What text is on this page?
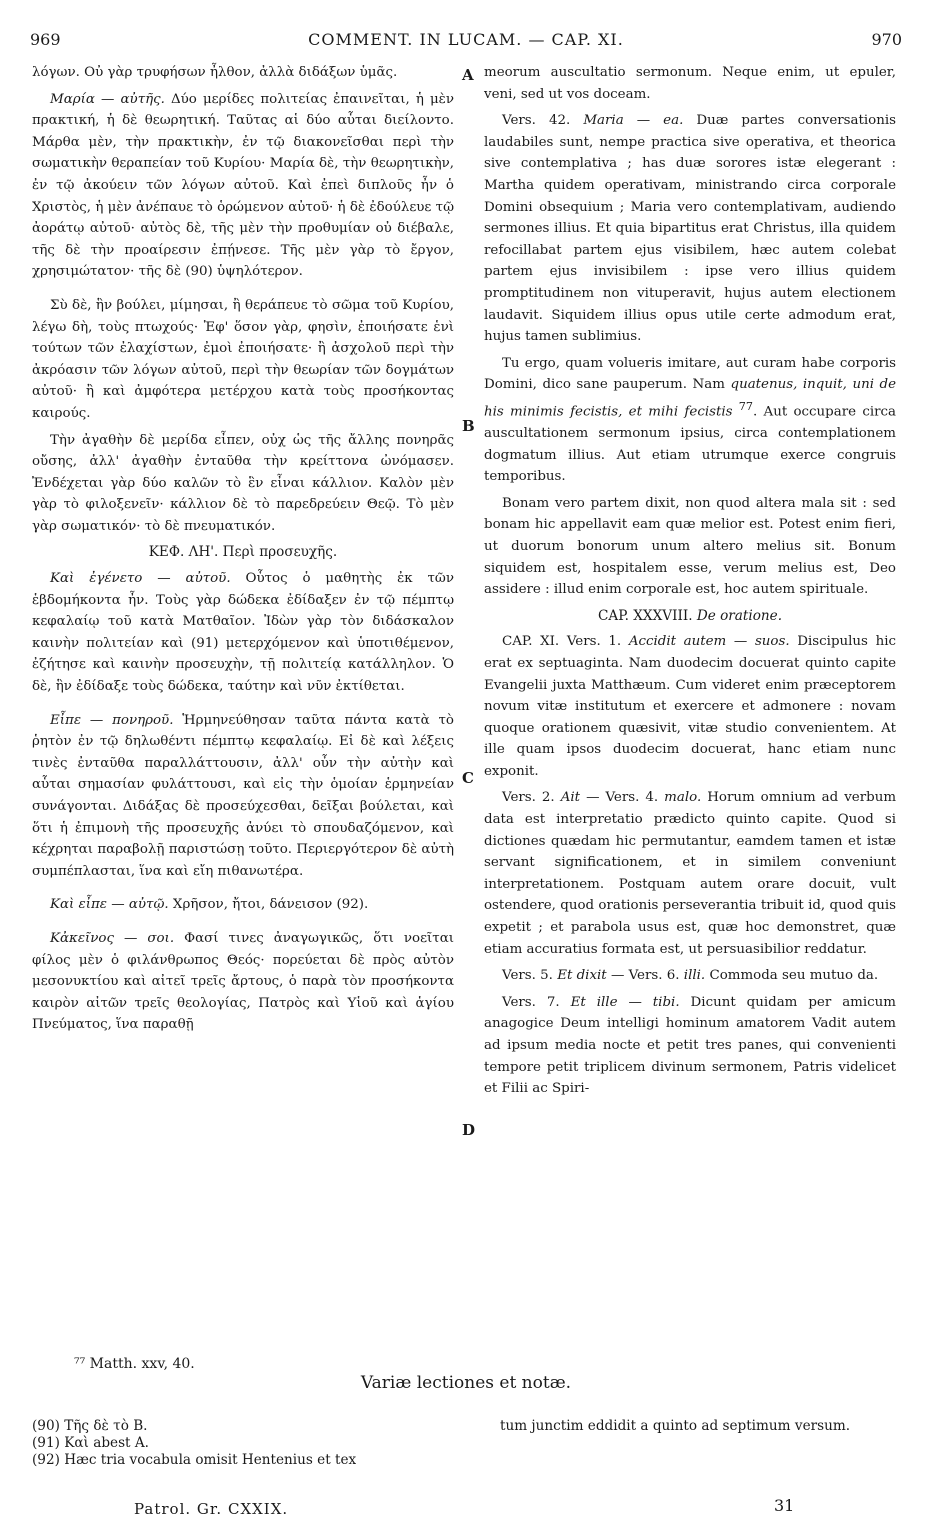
969	COMMENT. IN LUCAM. — CAP. XI.	970

λόγων. Οὐ γὰρ τρυφήσων ἦλθον, ἀλλὰ διδάξων ὑμᾶς.

Μαρία — αὐτῆς. Δύο μερίδες πολιτείας ἐπαινεῖται, ἡ μὲν πρακτική, ἡ δὲ θεωρητική. Ταῦτας αἱ δύο αὗται διείλοντο. Μάρθα μὲν, τὴν πρακτικὴν, ἐν τῷ διακονεῖσθαι περὶ τὴν σωματικὴν θεραπείαν τοῦ Κυρίου· Μαρία δὲ, τὴν θεωρητικὴν, ἐν τῷ ἀκούειν τῶν λόγων αὐτοῦ. Καὶ ἐπεὶ διπλοῦς ἦν ὁ Χριστὸς, ἡ μὲν ἀνέπαυε τὸ ὁρώμενον αὐτοῦ· ἡ δὲ ἐδούλευε τῷ ἀοράτῳ αὐτοῦ· αὐτὸς δὲ, τῆς μὲν τὴν προθυμίαν οὐ διέβαλε, τῆς δὲ τὴν προαίρεσιν ἐπῄνεσε. Τῆς μὲν γὰρ τὸ ἔργον, χρησιμώτατον· τῆς δὲ (90) ὑψηλότερον.

Σὺ δὲ, ἣν βούλει, μίμησαι, ἢ θεράπευε τὸ σῶμα τοῦ Κυρίου, λέγω δὴ, τοὺς πτωχούς· Ἐφ' ὅσον γὰρ, φησὶν, ἐποιήσατε ἑνὶ τούτων τῶν ἐλαχίστων, ἐμοὶ ἐποιήσατε· ἢ ἀσχολοῦ περὶ τὴν ἀκρόασιν τῶν λόγων αὐτοῦ, περὶ τὴν θεωρίαν τῶν δογμάτων αὐτοῦ· ἢ καὶ ἀμφότερα μετέρχου κατὰ τοὺς προσήκοντας καιρούς.

Τὴν ἀγαθὴν δὲ μερίδα εἶπεν, οὐχ ὡς τῆς ἄλλης πονηρᾶς οὔσης, ἀλλ' ἀγαθὴν ἐνταῦθα τὴν κρείττονα ὠνόμασεν. Ἐνδέχεται γὰρ δύο καλῶν τὸ ἓν εἶναι κάλλιον. Καλὸν μὲν γὰρ τὸ φιλοξενεῖν· κάλλιον δὲ τὸ παρεδρεύειν Θεῷ. Τὸ μὲν γὰρ σωματικόν· τὸ δὲ πνευματικόν.

ΚΕΦ. ΛΗ'. Περὶ προσευχῆς.

Καὶ ἐγένετο — αὐτοῦ. Οὗτος ὁ μαθητὴς ἐκ τῶν ἑβδομήκοντα ἦν. Τοὺς γὰρ δώδεκα ἐδίδαξεν ἐν τῷ πέμπτῳ κεφαλαίῳ τοῦ κατὰ Ματθαῖον. Ἰδὼν γὰρ τὸν διδάσκαλον καινὴν πολιτείαν καὶ (91) μετερχόμενον καὶ ὑποτιθέμενον, ἐζήτησε καὶ καινὴν προσευχὴν, τῇ πολιτείᾳ κατάλληλον. Ὁ δὲ, ἣν ἐδίδαξε τοὺς δώδεκα, ταύτην καὶ νῦν ἐκτίθεται.

Εἶπε — πονηροῦ. Ἡρμηνεύθησαν ταῦτα πάντα κατὰ τὸ ῥητὸν ἐν τῷ δηλωθέντι πέμπτῳ κεφαλαίῳ. Εἰ δὲ καὶ λέξεις τινὲς ἐνταῦθα παραλλάττουσιν, ἀλλ' οὖν τὴν αὐτὴν καὶ αὗται σημασίαν φυλάττουσι, καὶ εἰς τὴν ὁμοίαν ἑρμηνείαν συνάγονται. Διδάξας δὲ προσεύχεσθαι, δεῖξαι βούλεται, καὶ ὅτι ἡ ἐπιμονὴ τῆς προσευχῆς ἀνύει τὸ σπουδαζόμενον, καὶ κέχρηται παραβολῇ παριστώσῃ τοῦτο. Περιεργότερον δὲ αὐτὴ συμπέπλασται, ἵνα καὶ εἴη πιθανωτέρα.

Καὶ εἶπε — αὐτῷ. Χρῆσον, ἤτοι, δάνεισον (92).

Κἀκεῖνος — σοι. Φασί τινες ἀναγωγικῶς, ὅτι νοεῖται φίλος μὲν ὁ φιλάνθρωπος Θεός· πορεύεται δὲ πρὸς αὐτὸν μεσονυκτίου καὶ αἰτεῖ τρεῖς ἄρτους, ὁ παρὰ τὸν προσήκοντα καιρὸν αἰτῶν τρεῖς θεολογίας, Πατρὸς καὶ Υἱοῦ καὶ ἁγίου Πνεύματος, ἵνα παραθῇ

A
B
C
D

meorum auscultatio sermonum. Neque enim, ut epuler, veni, sed ut vos doceam.

Vers. 42. Maria — ea. Duæ partes conversationis laudabiles sunt, nempe practica sive operativa, et theorica sive contemplativa ; has duæ sorores istæ elegerant : Martha quidem operativam, ministrando circa corporale Domini obsequium ; Maria vero contemplativam, audiendo sermones illius. Et quia bipartitus erat Christus, illa quidem refocillabat partem ejus visibilem, hæc autem colebat partem ejus invisibilem : ipse vero illius quidem promptitudinem non vituperavit, hujus autem electionem laudavit. Siquidem illius opus utile certe admodum erat, hujus tamen sublimius.

Tu ergo, quam volueris imitare, aut curam habe corporis Domini, dico sane pauperum. Nam quatenus, inquit, uni de his minimis fecistis, et mihi fecistis $^{77}$. Aut occupare circa auscultationem sermonum ipsius, circa contemplationem dogmatum illius. Aut etiam utrumque exerce congruis temporibus.

Bonam vero partem dixit, non quod altera mala sit : sed bonam hic appellavit eam quæ melior est. Potest enim fieri, ut duorum bonorum unum altero melius sit. Bonum siquidem est, hospitalem esse, verum melius est, Deo assidere : illud enim corporale est, hoc autem spirituale.

CAP. XXXVIII. De oratione.

CAP. XI. Vers. 1. Accidit autem — suos. Discipulus hic erat ex septuaginta. Nam duodecim docuerat quinto capite Evangelii juxta Matthæum. Cum videret enim præceptorem novum vitæ institutum et exercere et admonere : novam quoque orationem quæsivit, vitæ studio convenientem. At ille quam ipsos duodecim docuerat, hanc etiam nunc exponit.

Vers. 2. Ait — Vers. 4. malo. Horum omnium ad verbum data est interpretatio prædicto quinto capite. Quod si dictiones quædam hic permutantur, eamdem tamen et istæ servant significationem, et in similem conveniunt interpretationem. Postquam autem orare docuit, vult ostendere, quod orationis perseverantia tribuit id, quod quis expetit ; et parabola usus est, quæ hoc demonstret, quæ etiam accuratius formata est, ut persuasibilior reddatur.

Vers. 5. Et dixit — Vers. 6. illi. Commoda seu mutuo da.

Vers. 7. Et ille — tibi. Dicunt quidam per amicum anagogice Deum intelligi hominum amatorem Vadit autem ad ipsum media nocte et petit tres panes, qui convenienti tempore petit triplicem divinum sermonem, Patris videlicet et Filii ac Spiri-

⁷⁷ Matth. xxv, 40.
Variæ lectiones et notæ.
(90) Τῆς δὲ τὸ B.
(91) Καὶ abest A.
(92) Hæc tria vocabula omisit Hentenius et tex
tum junctim eddidit a quinto ad septimum versum.
Patrol. Gr. CXXIX.	31
